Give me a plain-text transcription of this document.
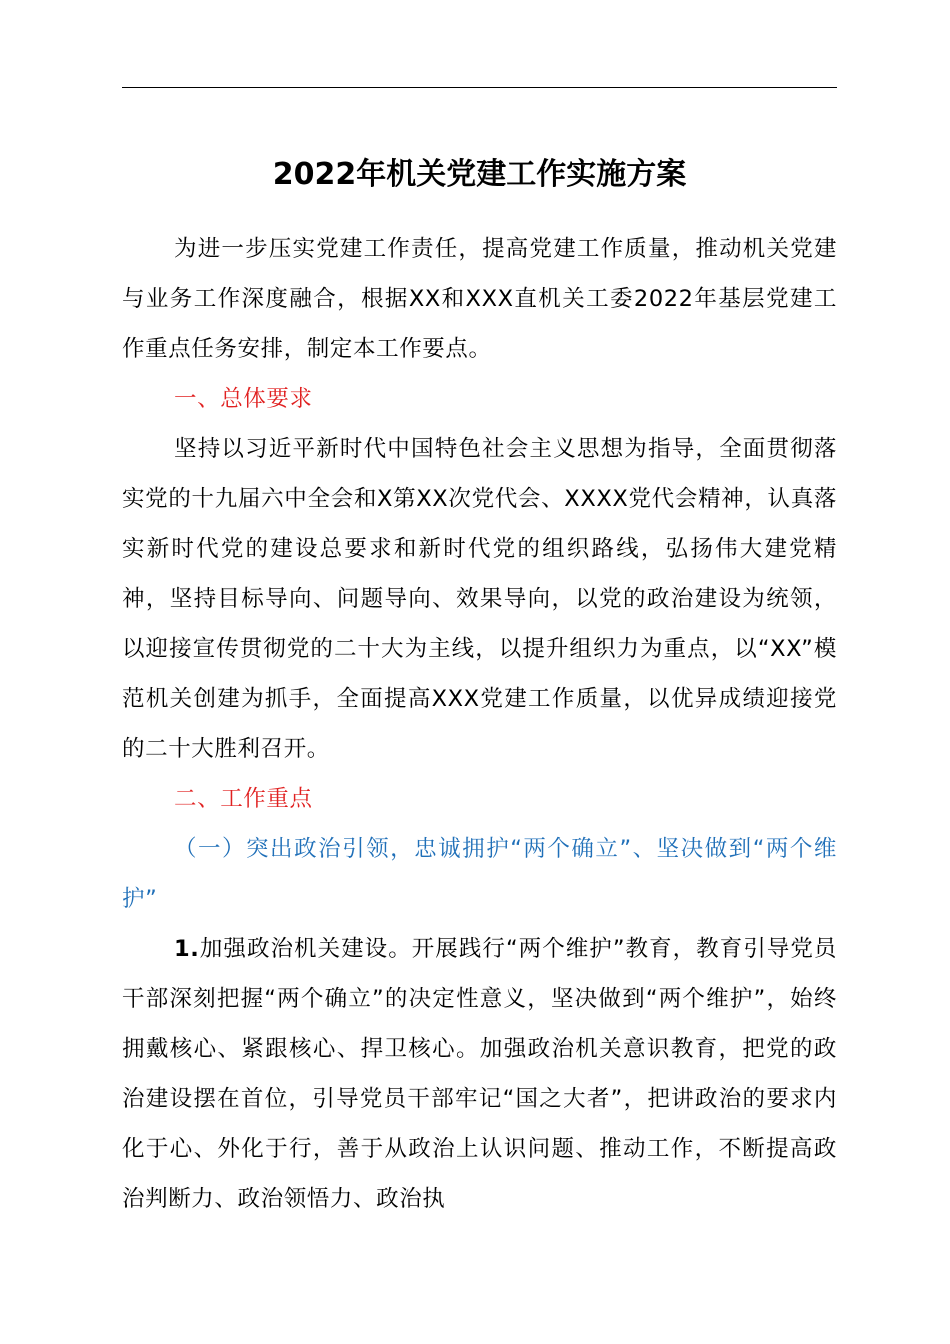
2022年机关党建工作实施方案

为进一步压实党建工作责任，提高党建工作质量，推动机关党建与业务工作深度融合，根据XX和XXX直机关工委2022年基层党建工作重点任务安排，制定本工作要点。

一、总体要求

坚持以习近平新时代中国特色社会主义思想为指导，全面贯彻落实党的十九届六中全会和X第XX次党代会、XXXX党代会精神，认真落实新时代党的建设总要求和新时代党的组织路线，弘扬伟大建党精神，坚持目标导向、问题导向、效果导向，以党的政治建设为统领，以迎接宣传贯彻党的二十大为主线，以提升组织力为重点，以“XX”模范机关创建为抓手，全面提高XXX党建工作质量，以优异成绩迎接党的二十大胜利召开。

二、工作重点

（一）突出政治引领，忠诚拥护“两个确立”、坚决做到“两个维护”

1.加强政治机关建设。开展践行“两个维护”教育，教育引导党员干部深刻把握“两个确立”的决定性意义，坚决做到“两个维护”，始终拥戴核心、紧跟核心、捍卫核心。加强政治机关意识教育，把党的政治建设摆在首位，引导党员干部牢记“国之大者”，把讲政治的要求内化于心、外化于行，善于从政治上认识问题、推动工作，不断提高政治判断力、政治领悟力、政治执
